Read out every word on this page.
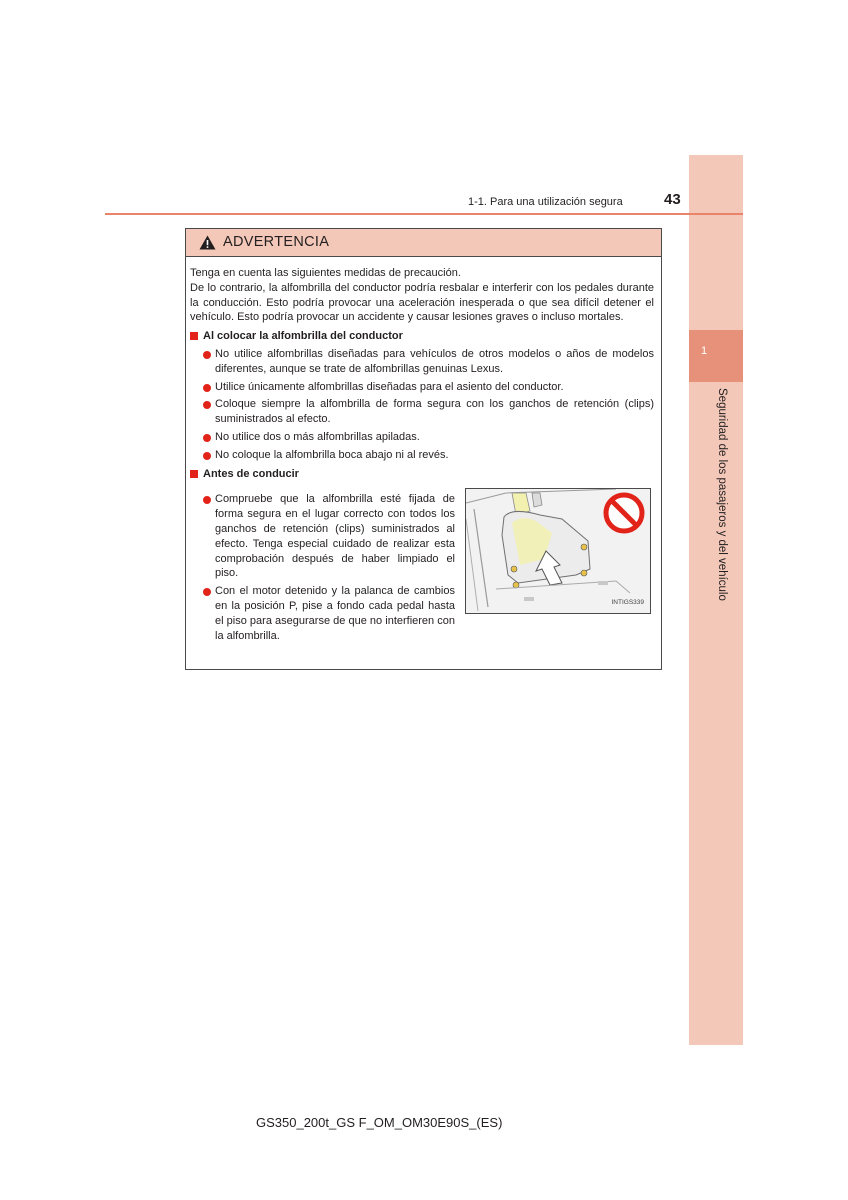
1
Seguridad de los pasajeros y del vehículo
1-1. Para una utilización segura	43
ADVERTENCIA

Tenga en cuenta las siguientes medidas de precaución.

De lo contrario, la alfombrilla del conductor podría resbalar e interferir con los pedales durante la conducción. Esto podría provocar una aceleración inesperada o que sea difícil detener el vehículo. Esto podría provocar un accidente y causar lesiones graves o incluso mortales.

Al colocar la alfombrilla del conductor
No utilice alfombrillas diseñadas para vehículos de otros modelos o años de modelos diferentes, aunque se trate de alfombrillas genuinas Lexus.
Utilice únicamente alfombrillas diseñadas para el asiento del conductor.
Coloque siempre la alfombrilla de forma segura con los ganchos de retención (clips) suministrados al efecto.
No utilice dos o más alfombrillas apiladas.
No coloque la alfombrilla boca abajo ni al revés.
Antes de conducir
Compruebe que la alfombrilla esté fijada de forma segura en el lugar correcto con todos los ganchos de retención (clips) suministrados al efecto. Tenga especial cuidado de realizar esta comprobación después de haber limpiado el piso.
Con el motor detenido y la palanca de cambios en la posición P, pise a fondo cada pedal hasta el piso para asegurarse de que no interfieren con la alfombrilla.
INTIGS339
GS350_200t_GS F_OM_OM30E90S_(ES)
